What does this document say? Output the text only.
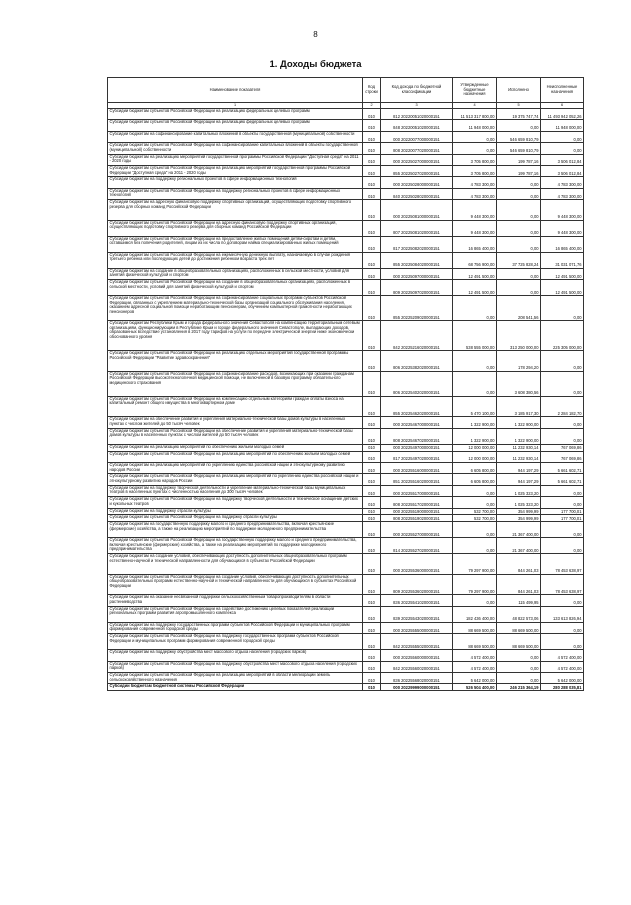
8
1. Доходы бюджета
Наименование показателя	Код строки	Код дохода по бюджетной классификации	Утвержденные бюджетные назначения	Исполнено	Неисполненные назначения
1	2	3	4	5	6
Субсидии бюджетам субъектов Российской Федерации на реализацию федеральных целевых программ	010	812 20220051020000151	11 513 317 800,00	19 375 747,74	11 493 942 052,26
Субсидии бюджетам субъектов Российской Федерации на реализацию федеральных целевых программ	010	848 20220051020000151	11 948 000,00	0,00	11 948 000,00
Субсидии бюджетам на софинансирование капитальных вложений в объекты государственной (муниципальной) собственности	010	000 20220077000000151	0,00	546 659 810,79	0,00
Субсидии бюджетам субъектов Российской Федерации на софинансирование капитальных вложений в объекты государственной (муниципальной) собственности	010	808 20220077020000151	0,00	546 659 810,79	0,00
Субсидии бюджетам на реализацию мероприятий государственной программы Российской Федерации "Доступная среда" на 2011 - 2020 годы	010	000 20225027000000151	3 705 800,00	199 787,16	3 506 012,84
Субсидии бюджетам субъектов Российской Федерации на реализацию мероприятий государственной программы Российской Федерации "Доступная среда" на 2011 - 2020 годы	010	855 20225027020000151	3 705 800,00	199 787,16	3 506 012,84
Субсидии бюджетам на поддержку региональных проектов в сфере информационных технологий	010	000 20225028000000151	4 783 300,00	0,00	4 783 300,00
Субсидии бюджетам субъектов Российской Федерации на поддержку региональных проектов в сфере информационных технологий	010	840 20225028020000151	4 783 300,00	0,00	4 783 300,00
Субсидии бюджетам на адресную финансовую поддержку спортивных организаций, осуществляющих подготовку спортивного резерва для сборных команд Российской Федерации	010	000 20225081000000151	9 448 300,00	0,00	9 448 300,00
Субсидии бюджетам субъектов Российской Федерации на адресную финансовую поддержку спортивных организаций, осуществляющих подготовку спортивного резерва для сборных команд Российской Федерации	010	807 20225081020000151	9 448 300,00	0,00	9 448 300,00
Субсидии бюджетам субъектов Российской Федерации на предоставление жилых помещений детям-сиротам и детям, оставшимся без попечения родителей, лицам из их числа по договорам найма специализированных жилых помещений	010	817 20225082020000151	16 865 400,00	0,00	16 865 400,00
Субсидии бюджетам субъектов Российской Федерации на ежемесячную денежную выплату, назначаемую в случае рождения третьего ребенка или последующих детей до достижения ребенком возраста трех лет	010	855 20225084020000151	68 756 900,00	37 725 828,24	31 031 071,76
Субсидии бюджетам на создание в общеобразовательных организациях, расположенных в сельской местности, условий для занятий физической культурой и спортом	010	000 20225097000000151	12 491 500,00	0,00	12 491 500,00
Субсидии бюджетам субъектов Российской Федерации на создание в общеобразовательных организациях, расположенных в сельской местности, условий для занятий физической культурой и спортом	010	809 20225097020000151	12 491 500,00	0,00	12 491 500,00
Субсидии бюджетам субъектов Российской Федерации на софинансирование социальных программ субъектов Российской Федерации, связанных с укреплением материально-технической базы организаций социального обслуживания населения, оказанием адресной социальной помощи неработающим пенсионерам, обучением компьютерной грамотности неработающих пенсионеров	010	855 20225209020000151	0,00	208 541,56	0,00
Субсидии бюджетам Республики Крым и города федерального значения Севастополя на компенсацию территориальным сетевым организациям, функционирующим в Республике Крым и городе федерального значения Севастополе, выпадающих доходов, образованных вследствие установления в 2017 году тарифов на услуги по передаче электрической энергии ниже экономически обоснованного уровня	010	842 20225216020000151	538 555 000,00	313 250 000,00	225 305 000,00
Субсидии бюджетам субъектов Российской Федерации на реализацию отдельных мероприятий государственной программы Российской Федерации "Развитие здравоохранения"	010	806 20225382020000151	0,00	178 294,20	0,00
Субсидии бюджетам субъектов Российской Федерации на софинансирование расходов, возникающих при оказании гражданам Российской Федерации высокотехнологичной медицинской помощи, не включенной в базовую программу обязательного медицинского страхования	010	806 20225402020000151	0,00	3 608 380,56	0,00
Субсидии бюджетам субъектов Российской Федерации на компенсацию отдельным категориям граждан оплаты взноса на капитальный ремонт общего имущества в многоквартирном доме	010	855 20225462020000151	5 470 100,00	3 185 917,30	2 284 182,70
Субсидии бюджетам на обеспечение развития и укрепления материально-технической базы домов культуры в населенных пунктах с числом жителей до 50 тысяч человек	010	000 20225467000000151	1 322 900,00	1 322 900,00	0,00
Субсидии бюджетам субъектов Российской Федерации на обеспечение развития и укрепления материально-технической базы домов культуры в населенных пунктах с числом жителей до 50 тысяч человек	010	808 20225467020000151	1 322 900,00	1 322 900,00	0,00
Субсидии бюджетам на реализацию мероприятий по обеспечению жильем молодых семей	010	000 20225497000000151	12 000 000,00	11 232 930,14	767 069,86
Субсидии бюджетам субъектов Российской Федерации на реализацию мероприятий по обеспечению жильем молодых семей	010	817 20225497020000151	12 000 000,00	11 232 930,14	767 069,86
Субсидии бюджетам на реализацию мероприятий по укреплению единства российской нации и этнокультурному развитию народов России	010	000 20225516000000151	6 605 800,00	944 197,29	5 661 602,71
Субсидии бюджетам субъектов Российской Федерации на реализацию мероприятий по укреплению единства российской нации и этнокультурному развитию народов России	010	851 20225516020000151	6 605 800,00	944 197,29	5 661 602,71
Субсидии бюджетам на поддержку творческой деятельности и укрепление материально-технической базы муниципальных театров в населенных пунктах с численностью населения до 300 тысяч человек	010	000 20225517000000151	0,00	1 025 323,20	0,00
Субсидии бюджетам субъектов Российской Федерации на поддержку творческой деятельности и техническое оснащение детских и кукольных театров	010	808 20225517020000151	0,00	1 025 323,20	0,00
Субсидии бюджетам на поддержку отрасли культуры	010	000 20225519000000151	532 700,00	354 999,99	177 700,01
Субсидии бюджетам субъектов Российской Федерации на поддержку отрасли культуры	010	808 20225519020000151	532 700,00	354 999,99	177 700,01
Субсидии бюджетам на государственную поддержку малого и среднего предпринимательства, включая крестьянские (фермерские) хозяйства, а также на реализацию мероприятий по поддержке молодежного предпринимательства	010	000 20225527000000151	0,00	21 367 400,00	0,00
Субсидии бюджетам субъектов Российской Федерации на государственную поддержку малого и среднего предпринимательства, включая крестьянские (фермерские) хозяйства, а также на реализацию мероприятий по поддержке молодежного предпринимательства	010	814 20225527020000151	0,00	21 367 400,00	0,00
Субсидии бюджетам на создание условий, обеспечивающих доступность дополнительных общеобразовательных программ естественно-научной и технической направленности для обучающихся в субъектах Российской Федерации	010	000 20225536000000151	79 297 900,00	844 261,03	78 453 638,97
Субсидии бюджетам субъектов Российской Федерации на создание условий, обеспечивающих доступность дополнительных общеобразовательных программ естественно-научной и технической направленности для обучающихся в субъектах Российской Федерации	010	809 20225536020000151	79 297 900,00	844 261,03	78 453 638,97
Субсидии бюджетам на оказание несвязанной поддержки сельскохозяйственным товаропроизводителям в области растениеводства	010	836 20225541020000151	0,00	115 499,95	0,00
Субсидии бюджетам субъектов Российской Федерации на содействие достижению целевых показателей реализации региональных программ развития агропромышленного комплекса	010	839 20225543020000151	182 436 400,00	48 822 573,06	133 613 826,94
Субсидии бюджетам на поддержку государственных программ субъектов Российской Федерации и муниципальных программ формирования современной городской среды	010	000 20225555000000151	88 669 500,00	88 669 500,00	0,00
Субсидии бюджетам субъектов Российской Федерации на поддержку государственных программ субъектов Российской Федерации и муниципальных программ формирования современной городской среды	010	842 20225555020000151	88 669 500,00	88 669 500,00	0,00
Субсидии бюджетам на поддержку обустройства мест массового отдыха населения (городских парков)	010	000 20225560000000151	4 572 400,00	0,00	4 572 400,00
Субсидии бюджетам субъектов Российской Федерации на поддержку обустройства мест массового отдыха населения (городских парков)	010	842 20225560020000151	4 572 400,00	0,00	4 572 400,00
Субсидии бюджетам субъектов Российской Федерации на реализацию мероприятий в области мелиорации земель сельскохозяйственного назначения	010	836 20225568020000151	5 642 000,00	0,00	5 642 000,00
Субсидии бюджетам бюджетной системы Российской Федерации	010	000 20229999000000151	526 504 400,00	246 215 364,19	280 288 035,81
